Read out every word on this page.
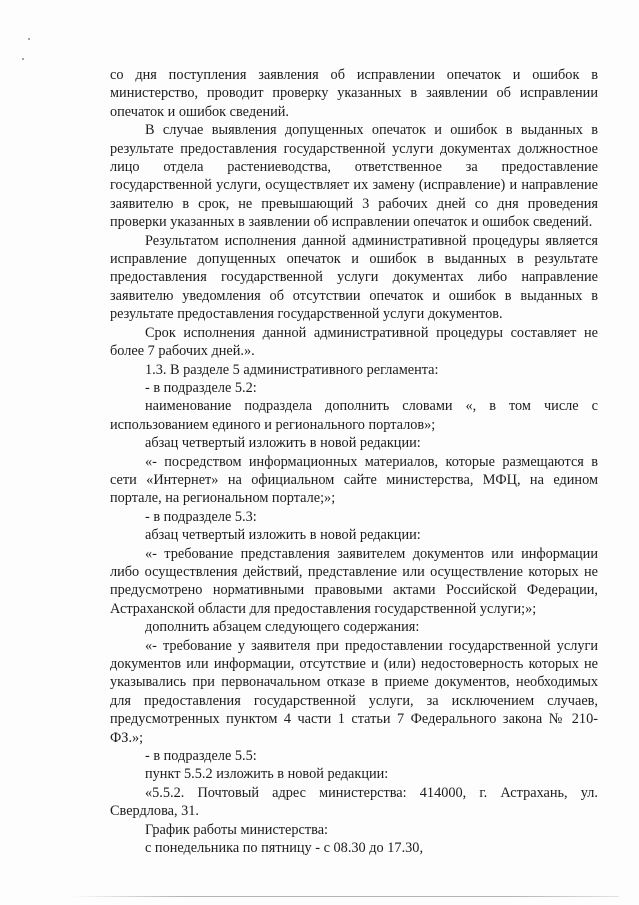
со дня поступления заявления об исправлении опечаток и ошибок в министерство, проводит проверку указанных в заявлении об исправлении опечаток и ошибок сведений.

В случае выявления допущенных опечаток и ошибок в выданных в результате предоставления государственной услуги документах должностное лицо отдела растениеводства, ответственное за предоставление государственной услуги, осуществляет их замену (исправление) и направление заявителю в срок, не превышающий 3 рабочих дней со дня проведения проверки указанных в заявлении об исправлении опечаток и ошибок сведений.

Результатом исполнения данной административной процедуры является исправление допущенных опечаток и ошибок в выданных в результате предоставления государственной услуги документах либо направление заявителю уведомления об отсутствии опечаток и ошибок в выданных в результате предоставления государственной услуги документов.

Срок исполнения данной административной процедуры составляет не более 7 рабочих дней.».

1.3. В разделе 5 административного регламента:

- в подразделе 5.2:

наименование подраздела дополнить словами «, в том числе с использованием единого и регионального порталов»;

абзац четвертый изложить в новой редакции:

«- посредством информационных материалов, которые размещаются в сети «Интернет» на официальном сайте министерства, МФЦ, на едином портале, на региональном портале;»;

- в подразделе 5.3:

абзац четвертый изложить в новой редакции:

«- требование представления заявителем документов или информации либо осуществления действий, представление или осуществление которых не предусмотрено нормативными правовыми актами Российской Федерации, Астраханской области для предоставления государственной услуги;»;

дополнить абзацем следующего содержания:

«- требование у заявителя при предоставлении государственной услуги документов или информации, отсутствие и (или) недостоверность которых не указывались при первоначальном отказе в приеме документов, необходимых для предоставления государственной услуги, за исключением случаев, предусмотренных пунктом 4 части 1 статьи 7 Федерального закона № 210-ФЗ.»;

- в подразделе 5.5:

пункт 5.5.2 изложить в новой редакции:

«5.5.2. Почтовый адрес министерства: 414000, г. Астрахань, ул. Свердлова, 31.

График работы министерства:

с понедельника по пятницу - с 08.30 до 17.30,
